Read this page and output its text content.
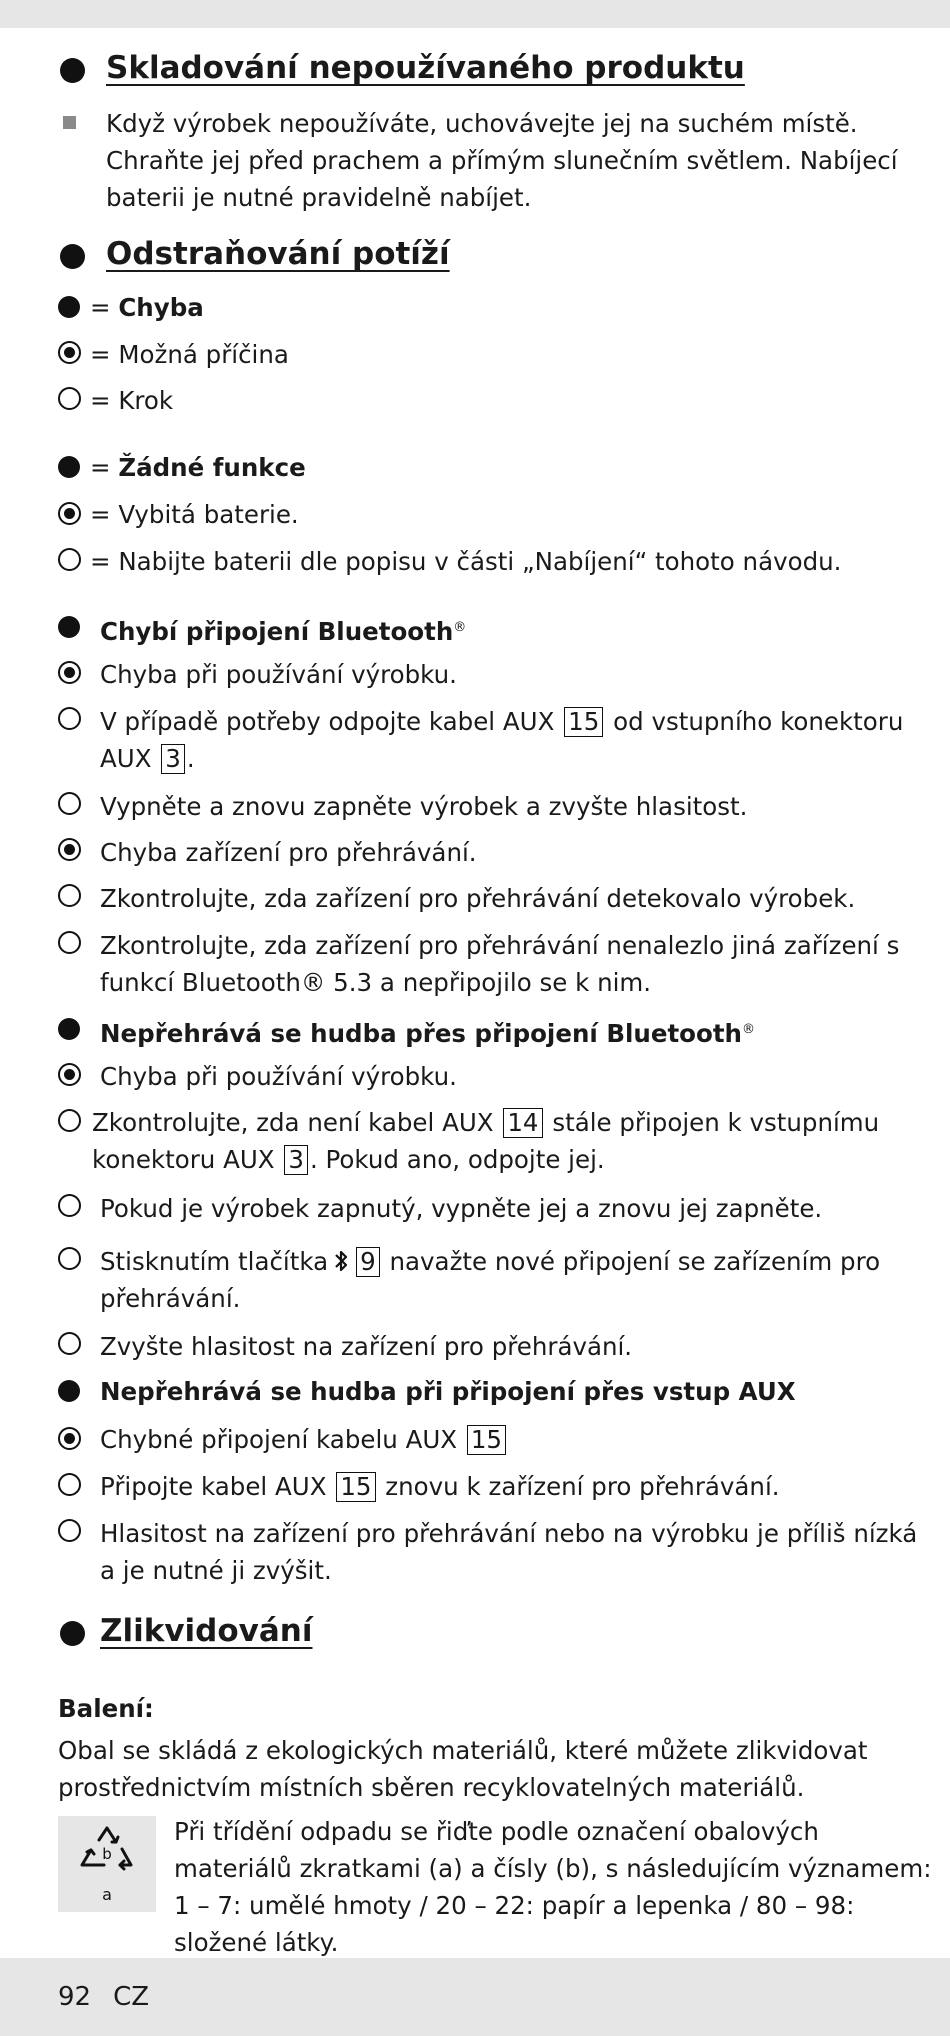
Skladování nepoužívaného produktu
Když výrobek nepoužíváte, uchovávejte jej na suchém místě.
Chraňte jej před prachem a přímým slunečním světlem. Nabíjecí
baterii je nutné pravidelně nabíjet.
Odstraňování potíží
= Chyba
= Možná příčina
= Krok
= Žádné funkce
= Vybitá baterie.
= Nabijte baterii dle popisu v části „Nabíjení“ tohoto návodu.
Chybí připojení Bluetooth®
Chyba při používání výrobku.
V případě potřeby odpojte kabel AUX 15 od vstupního konektoru
AUX 3 .
Vypněte a znovu zapněte výrobek a zvyšte hlasitost.
Chyba zařízení pro přehrávání.
Zkontrolujte, zda zařízení pro přehrávání detekovalo výrobek.
Zkontrolujte, zda zařízení pro přehrávání nenalezlo jiná zařízení s
funkcí Bluetooth® 5.3 a nepřipojilo se k nim.
Nepřehrává se hudba přes připojení Bluetooth®
Chyba při používání výrobku.
Zkontrolujte, zda není kabel AUX 14 stále připojen k vstupnímu
konektoru AUX 3 . Pokud ano, odpojte jej.
Pokud je výrobek zapnutý, vypněte jej a znovu jej zapněte.
Stisknutím tlačítka 9 navažte nové připojení se zařízením pro
přehrávání.
Zvyšte hlasitost na zařízení pro přehrávání.
Nepřehrává se hudba při připojení přes vstup AUX
Chybné připojení kabelu AUX 15
Připojte kabel AUX 15 znovu k zařízení pro přehrávání.
Hlasitost na zařízení pro přehrávání nebo na výrobku je příliš nízká
a je nutné ji zvýšit.
Zlikvidování
Balení:
Obal se skládá z ekologických materiálů, které můžete zlikvidovat
prostřednictvím místních sběren recyklovatelných materiálů.
b
a
Při třídění odpadu se řiďte podle označení obalových
materiálů zkratkami (a) a čísly (b), s následujícím významem:
1 – 7: umělé hmoty / 20 – 22: papír a lepenka / 80 – 98:
složené látky.
92 CZ
